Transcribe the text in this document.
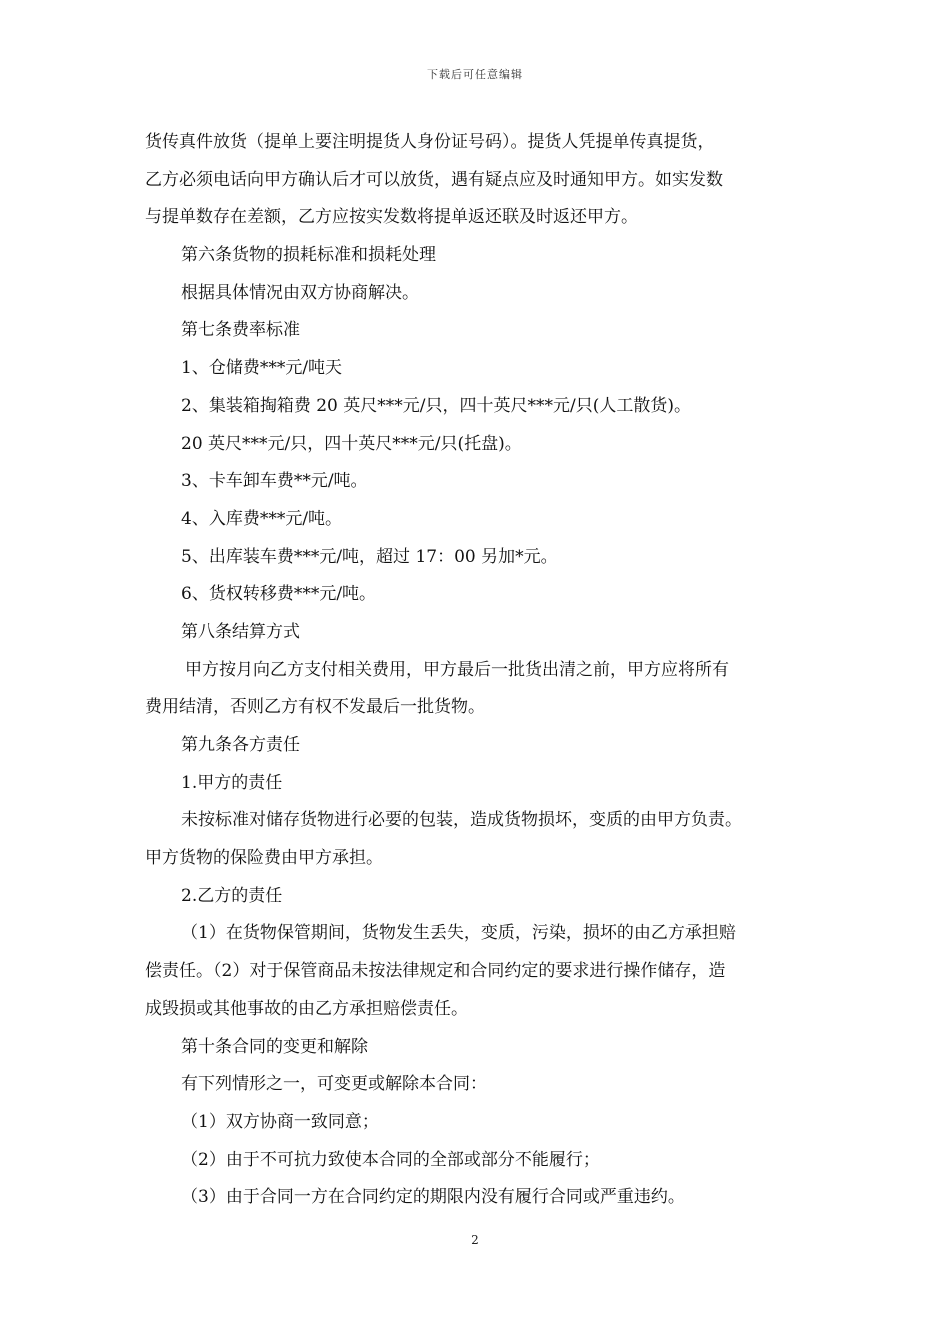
下载后可任意编辑
货传真件放货（提单上要注明提货人身份证号码）。提货人凭提单传真提货，
乙方必须电话向甲方确认后才可以放货，遇有疑点应及时通知甲方。如实发数
与提单数存在差额，乙方应按实发数将提单返还联及时返还甲方。
第六条货物的损耗标准和损耗处理
根据具体情况由双方协商解决。
第七条费率标准
1、仓储费***元/吨天
2、集装箱掏箱费 20 英尺***元/只，四十英尺***元/只(人工散货)。
20 英尺***元/只，四十英尺***元/只(托盘)。
3、卡车卸车费**元/吨。
4、入库费***元/吨。
5、出库装车费***元/吨，超过 17：00 另加*元。
6、货权转移费***元/吨。
第八条结算方式
甲方按月向乙方支付相关费用，甲方最后一批货出清之前，甲方应将所有
费用结清，否则乙方有权不发最后一批货物。
第九条各方责任
1.甲方的责任
未按标准对储存货物进行必要的包装，造成货物损坏，变质的由甲方负责。
甲方货物的保险费由甲方承担。
2.乙方的责任
（1）在货物保管期间，货物发生丢失，变质，污染，损坏的由乙方承担赔
偿责任。（2）对于保管商品未按法律规定和合同约定的要求进行操作储存，造
成毁损或其他事故的由乙方承担赔偿责任。
第十条合同的变更和解除
有下列情形之一，可变更或解除本合同：
（1）双方协商一致同意；
（2）由于不可抗力致使本合同的全部或部分不能履行；
（3）由于合同一方在合同约定的期限内没有履行合同或严重违约。
2
